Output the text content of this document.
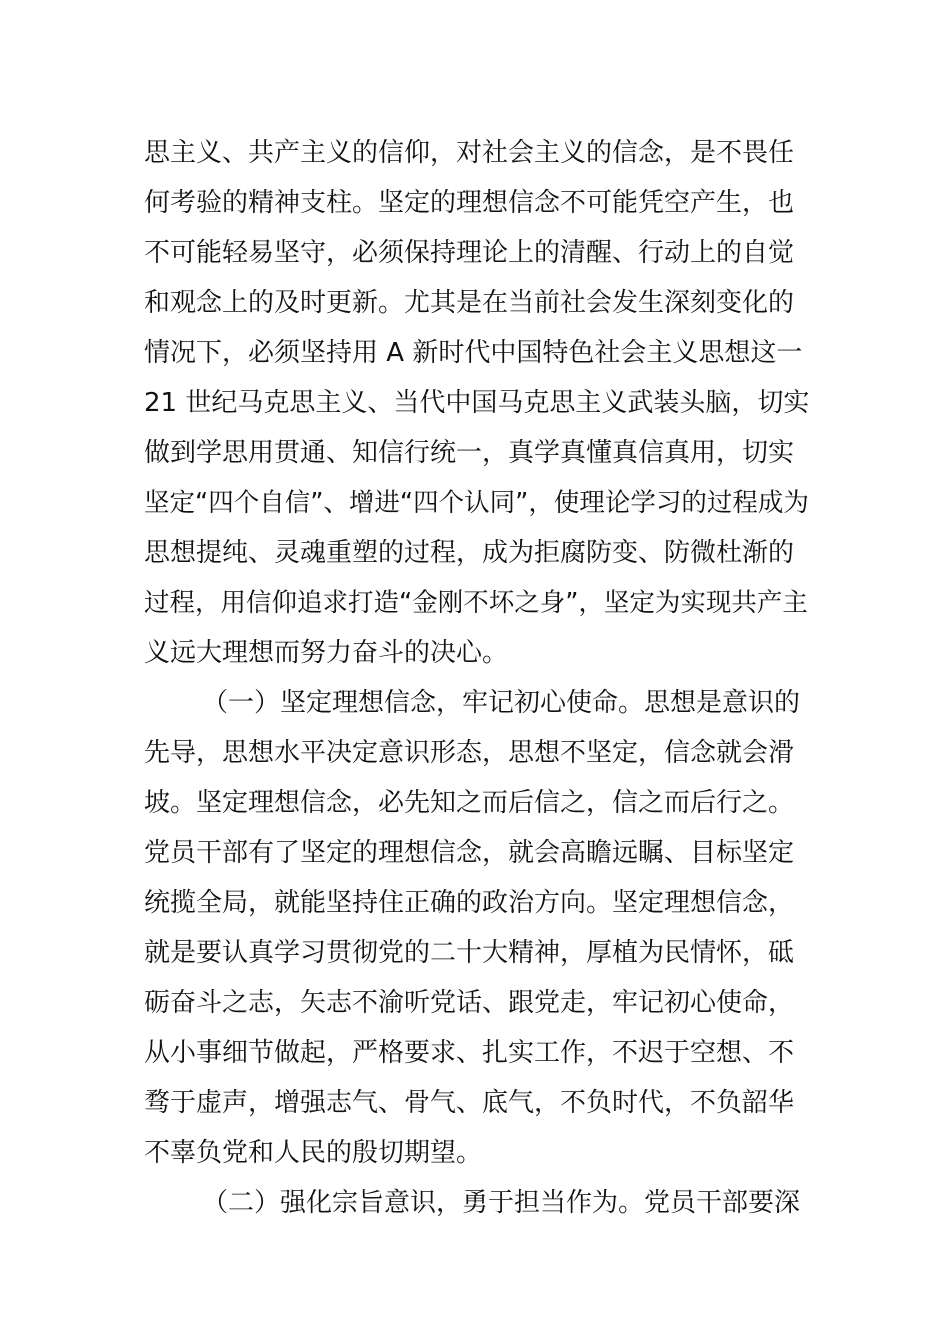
思主义、共产主义的信仰，对社会主义的信念，是不畏任
何考验的精神支柱。坚定的理想信念不可能凭空产生，也
不可能轻易坚守，必须保持理论上的清醒、行动上的自觉
和观念上的及时更新。尤其是在当前社会发生深刻变化的
情况下，必须坚持用 A 新时代中国特色社会主义思想这一
21 世纪马克思主义、当代中国马克思主义武装头脑，切实
做到学思用贯通、知信行统一，真学真懂真信真用，切实
坚定“四个自信”、增进“四个认同”，使理论学习的过程成为
思想提纯、灵魂重塑的过程，成为拒腐防变、防微杜渐的
过程，用信仰追求打造“金刚不坏之身”，坚定为实现共产主
义远大理想而努力奋斗的决心。
（一）坚定理想信念，牢记初心使命。思想是意识的
先导，思想水平决定意识形态，思想不坚定，信念就会滑
坡。坚定理想信念，必先知之而后信之，信之而后行之。
党员干部有了坚定的理想信念，就会高瞻远瞩、目标坚定
统揽全局，就能坚持住正确的政治方向。坚定理想信念，
就是要认真学习贯彻党的二十大精神，厚植为民情怀，砥
砺奋斗之志，矢志不渝听党话、跟党走，牢记初心使命，
从小事细节做起，严格要求、扎实工作，不迟于空想、不
骛于虚声，增强志气、骨气、底气，不负时代，不负韶华
不辜负党和人民的殷切期望。
（二）强化宗旨意识，勇于担当作为。党员干部要深
